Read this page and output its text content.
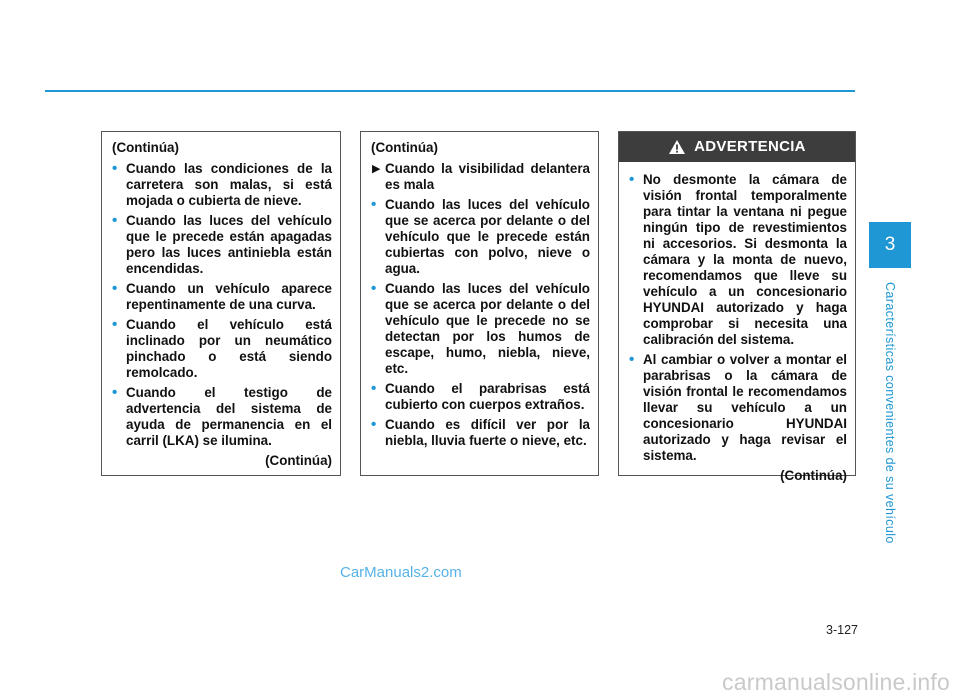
(Continúa)
• Cuando las condiciones de la carretera son malas, si está mojada o cubierta de nieve.
• Cuando las luces del vehículo que le precede están apagadas pero las luces antiniebla están encendidas.
• Cuando un vehículo aparece repentinamente de una curva.
• Cuando el vehículo está inclinado por un neumático pinchado o está siendo remolcado.
• Cuando el testigo de advertencia del sistema de ayuda de permanencia en el carril (LKA) se ilumina.
(Continúa)
(Continúa)
▶ Cuando la visibilidad delantera es mala
• Cuando las luces del vehículo que se acerca por delante o del vehículo que le precede están cubiertas con polvo, nieve o agua.
• Cuando las luces del vehículo que se acerca por delante o del vehículo que le precede no se detectan por los humos de escape, humo, niebla, nieve, etc.
• Cuando el parabrisas está cubierto con cuerpos extraños.
• Cuando es difícil ver por la niebla, lluvia fuerte o nieve, etc.
ADVERTENCIA
• No desmonte la cámara de visión frontal temporalmente para tintar la ventana ni pegue ningún tipo de revestimientos ni accesorios. Si desmonta la cámara y la monta de nuevo, recomendamos que lleve su vehículo a un concesionario HYUNDAI autorizado y haga comprobar si necesita una calibración del sistema.
• Al cambiar o volver a montar el parabrisas o la cámara de visión frontal le recomendamos llevar su vehículo a un concesionario HYUNDAI autorizado y haga revisar el sistema.
(Continúa)
3
Características convenientes de su vehículo
3-127
CarManuals2.com
carmanualsonline.info
